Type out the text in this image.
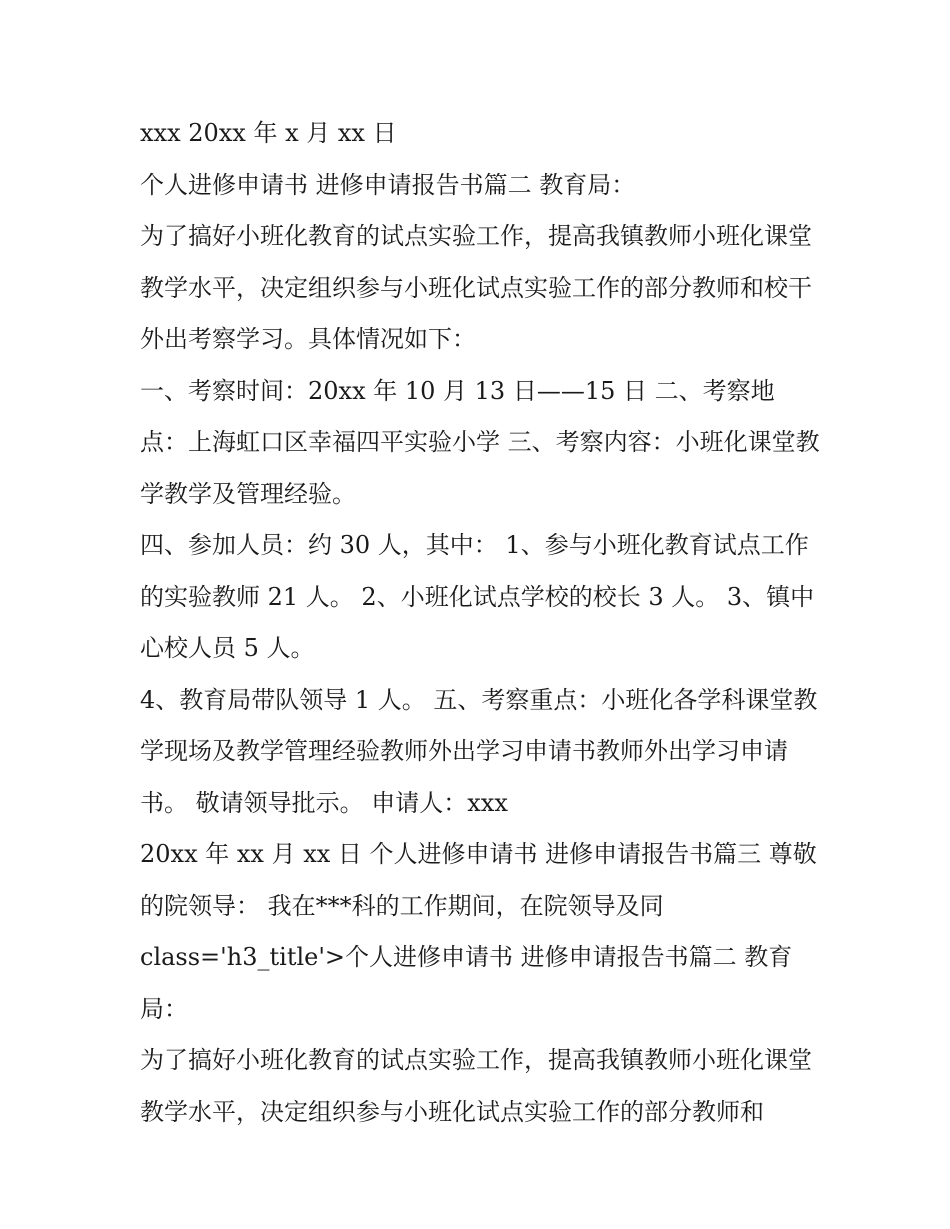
xxx 20xx 年 x 月 xx 日

个人进修申请书 进修申请报告书篇二 教育局：

为了搞好小班化教育的试点实验工作，提高我镇教师小班化课堂教学水平，决定组织参与小班化试点实验工作的部分教师和校干外出考察学习。具体情况如下：

一、考察时间：20xx 年 10 月 13 日——15 日 二、考察地点：上海虹口区幸福四平实验小学 三、考察内容：小班化课堂教学教学及管理经验。

四、参加人员：约 30 人，其中： 1、参与小班化教育试点工作的实验教师 21 人。 2、小班化试点学校的校长 3 人。 3、镇中心校人员 5 人。

4、教育局带队领导 1 人。 五、考察重点：小班化各学科课堂教学现场及教学管理经验教师外出学习申请书教师外出学习申请书。 敬请领导批示。 申请人：xxx

20xx 年 xx 月 xx 日 个人进修申请书 进修申请报告书篇三 尊敬的院领导： 我在***科的工作期间，在院领导及同

class='h3_title'>个人进修申请书 进修申请报告书篇二 教育局：

为了搞好小班化教育的试点实验工作，提高我镇教师小班化课堂教学水平，决定组织参与小班化试点实验工作的部分教师和
